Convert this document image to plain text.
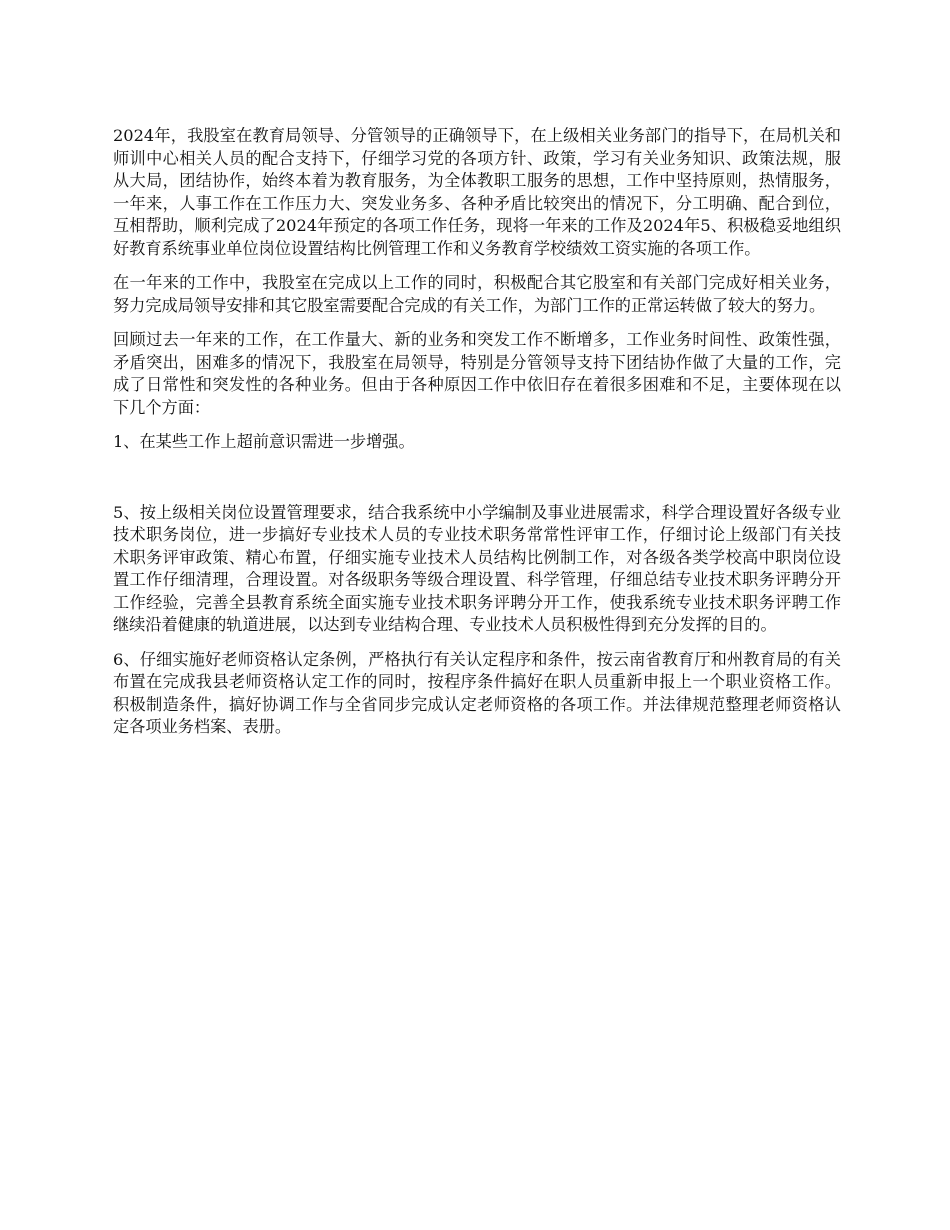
2024年，我股室在教育局领导、分管领导的正确领导下，在上级相关业务部门的指导下，在局机关和师训中心相关人员的配合支持下，仔细学习党的各项方针、政策，学习有关业务知识、政策法规，服从大局，团结协作，始终本着为教育服务，为全体教职工服务的思想，工作中坚持原则，热情服务，一年来，人事工作在工作压力大、突发业务多、各种矛盾比较突出的情况下，分工明确、配合到位，互相帮助，顺利完成了2024年预定的各项工作任务，现将一年来的工作及2024年5、积极稳妥地组织好教育系统事业单位岗位设置结构比例管理工作和义务教育学校绩效工资实施的各项工作。

在一年来的工作中，我股室在完成以上工作的同时，积极配合其它股室和有关部门完成好相关业务，努力完成局领导安排和其它股室需要配合完成的有关工作，为部门工作的正常运转做了较大的努力。

回顾过去一年来的工作，在工作量大、新的业务和突发工作不断增多，工作业务时间性、政策性强，矛盾突出，困难多的情况下，我股室在局领导，特别是分管领导支持下团结协作做了大量的工作，完成了日常性和突发性的各种业务。但由于各种原因工作中依旧存在着很多困难和不足，主要体现在以下几个方面：

1、在某些工作上超前意识需进一步增强。

5、按上级相关岗位设置管理要求，结合我系统中小学编制及事业进展需求，科学合理设置好各级专业技术职务岗位，进一步搞好专业技术人员的专业技术职务常常性评审工作，仔细讨论上级部门有关技术职务评审政策、精心布置，仔细实施专业技术人员结构比例制工作，对各级各类学校高中职岗位设置工作仔细清理，合理设置。对各级职务等级合理设置、科学管理，仔细总结专业技术职务评聘分开工作经验，完善全县教育系统全面实施专业技术职务评聘分开工作，使我系统专业技术职务评聘工作继续沿着健康的轨道进展，以达到专业结构合理、专业技术人员积极性得到充分发挥的目的。

6、仔细实施好老师资格认定条例，严格执行有关认定程序和条件，按云南省教育厅和州教育局的有关布置在完成我县老师资格认定工作的同时，按程序条件搞好在职人员重新申报上一个职业资格工作。积极制造条件，搞好协调工作与全省同步完成认定老师资格的各项工作。并法律规范整理老师资格认定各项业务档案、表册。
